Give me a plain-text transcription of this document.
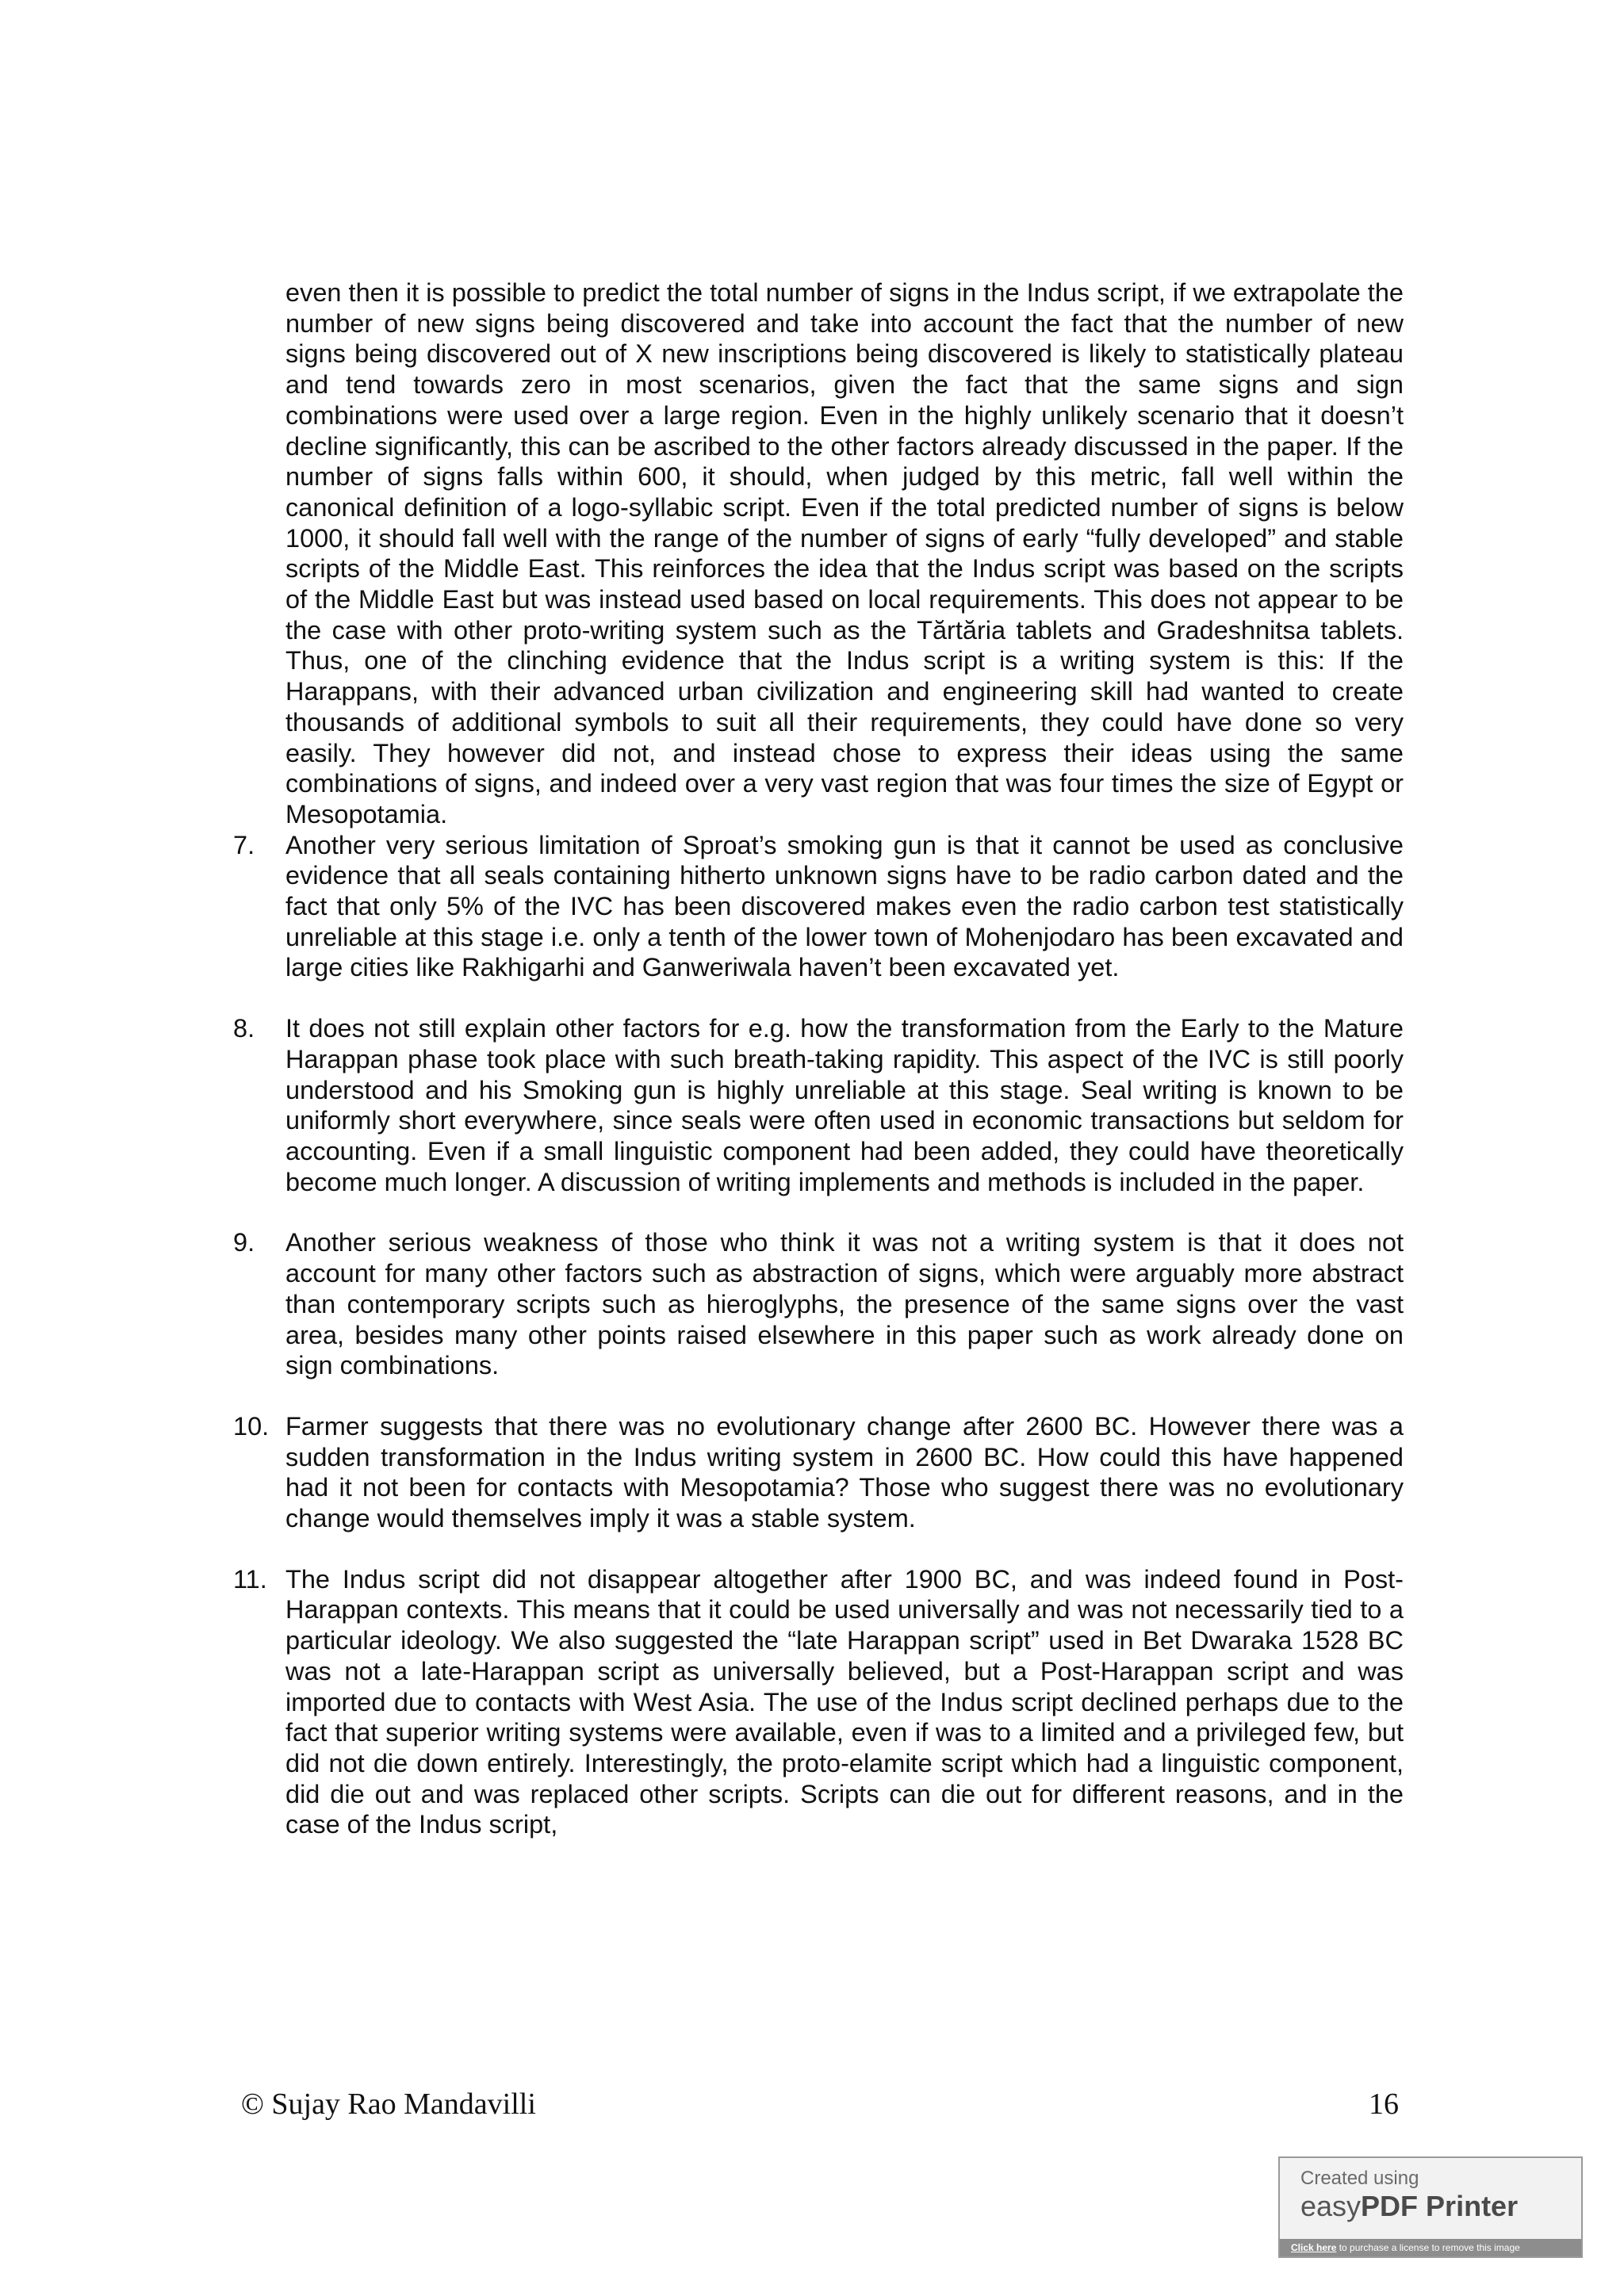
even then it is possible to predict the total number of signs in the Indus script, if we extrapolate the number of new signs being discovered and take into account the fact that the number of new signs being discovered out of X new inscriptions being discovered is likely to statistically plateau and tend towards zero in most scenarios, given the fact that the same signs and sign combinations were used over a large region. Even in the highly unlikely scenario that it doesn’t decline significantly, this can be ascribed to the other factors already discussed in the paper. If the number of signs falls within 600, it should, when judged by this metric, fall well within the canonical definition of a logo-syllabic script. Even if the total predicted number of signs is below 1000, it should fall well with the range of the number of signs of early “fully developed” and stable scripts of the Middle East. This reinforces the idea that the Indus script was based on the scripts of the Middle East but was instead used based on local requirements. This does not appear to be the case with other proto-writing system such as the Tărtăria tablets and Gradeshnitsa tablets. Thus, one of the clinching evidence that the Indus script is a writing system is this: If the Harappans, with their advanced urban civilization and engineering skill had wanted to create thousands of additional symbols to suit all their requirements, they could have done so very easily. They however did not, and instead chose to express their ideas using the same combinations of signs, and indeed over a very vast region that was four times the size of Egypt or Mesopotamia.

7.	Another very serious limitation of Sproat’s smoking gun is that it cannot be used as conclusive evidence that all seals containing hitherto unknown signs have to be radio carbon dated and the fact that only 5% of the IVC has been discovered makes even the radio carbon test statistically unreliable at this stage i.e. only a tenth of the lower town of Mohenjodaro has been excavated and large cities like Rakhigarhi and Ganweriwala haven’t been excavated yet.
8.	It does not still explain other factors for e.g. how the transformation from the Early to the Mature Harappan phase took place with such breath-taking rapidity. This aspect of the IVC is still poorly understood and his Smoking gun is highly unreliable at this stage. Seal writing is known to be uniformly short everywhere, since seals were often used in economic transactions but seldom for accounting. Even if a small linguistic component had been added, they could have theoretically become much longer. A discussion of writing implements and methods is included in the paper.
9.	Another serious weakness of those who think it was not a writing system is that it does not account for many other factors such as abstraction of signs, which were arguably more abstract than contemporary scripts such as hieroglyphs, the presence of the same signs over the vast area, besides many other points raised elsewhere in this paper such as work already done on sign combinations.
10. Farmer suggests that there was no evolutionary change after 2600 BC. However there was a sudden transformation in the Indus writing system in 2600 BC. How could this have happened had it not been for contacts with Mesopotamia? Those who suggest there was no evolutionary change would themselves imply it was a stable system.
11. The Indus script did not disappear altogether after 1900 BC, and was indeed found in Post-Harappan contexts. This means that it could be used universally and was not necessarily tied to a particular ideology. We also suggested the “late Harappan script” used in Bet Dwaraka 1528 BC was not a late-Harappan script as universally believed, but a Post-Harappan script and was imported due to contacts with West Asia. The use of the Indus script declined perhaps due to the fact that superior writing systems were available, even if was to a limited and a privileged few, but did not die down entirely. Interestingly, the proto-elamite script which had a linguistic component, did die out and was replaced other scripts. Scripts can die out for different reasons, and in the case of the Indus script,
© Sujay Rao Mandavilli	16
Created using
easyPDF Printer
Click here to purchase a license to remove this image
